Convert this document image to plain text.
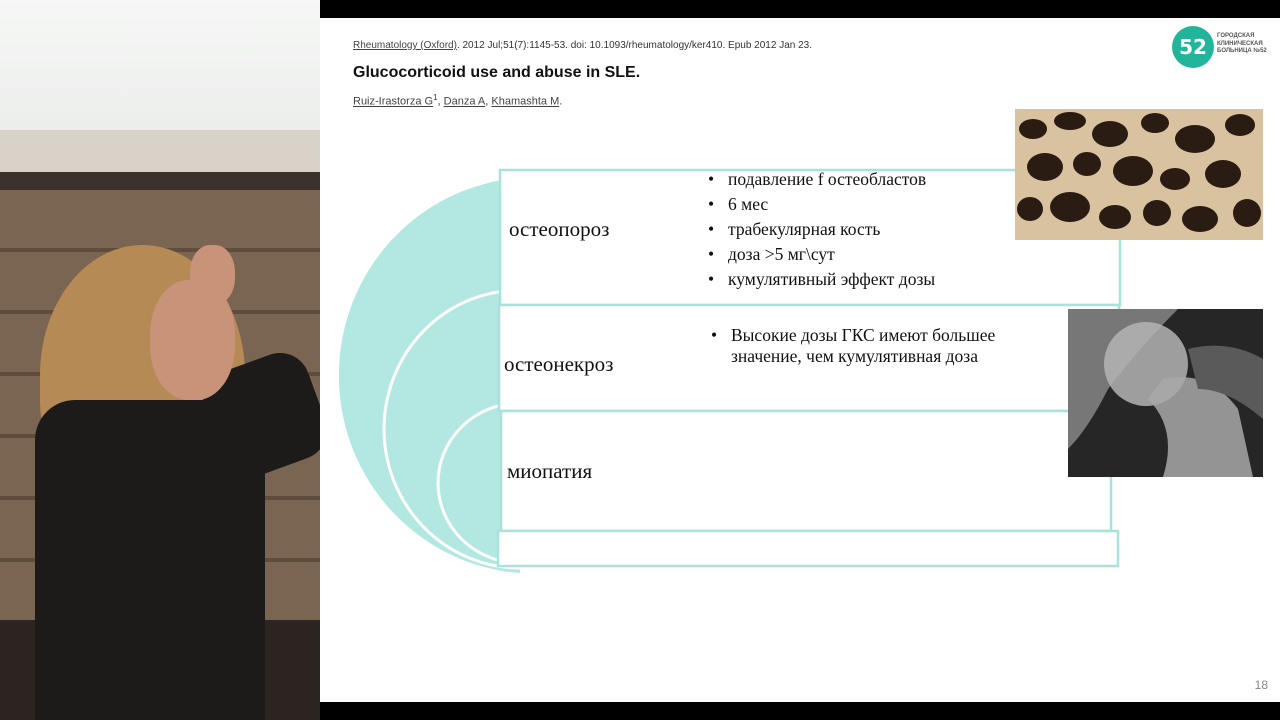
Rheumatology (Oxford). 2012 Jul;51(7):1145-53. doi: 10.1093/rheumatology/ker410. Epub 2012 Jan 23.
Glucocorticoid use and abuse in SLE.
Ruiz-Irastorza $G^1$, Danza A, Khamashta M.
52	ГОРОДСКАЯ
КЛИНИЧЕСКАЯ
БОЛЬНИЦА №52
остеопороз
• подавление f остеобластов
• 6 мес
• трабекулярная кость
• доза >5 мг\сут
• кумулятивный эффект дозы
остеонекроз
• Высокие дозы ГКС имеют большее значение, чем кумулятивная доза
миопатия
18
